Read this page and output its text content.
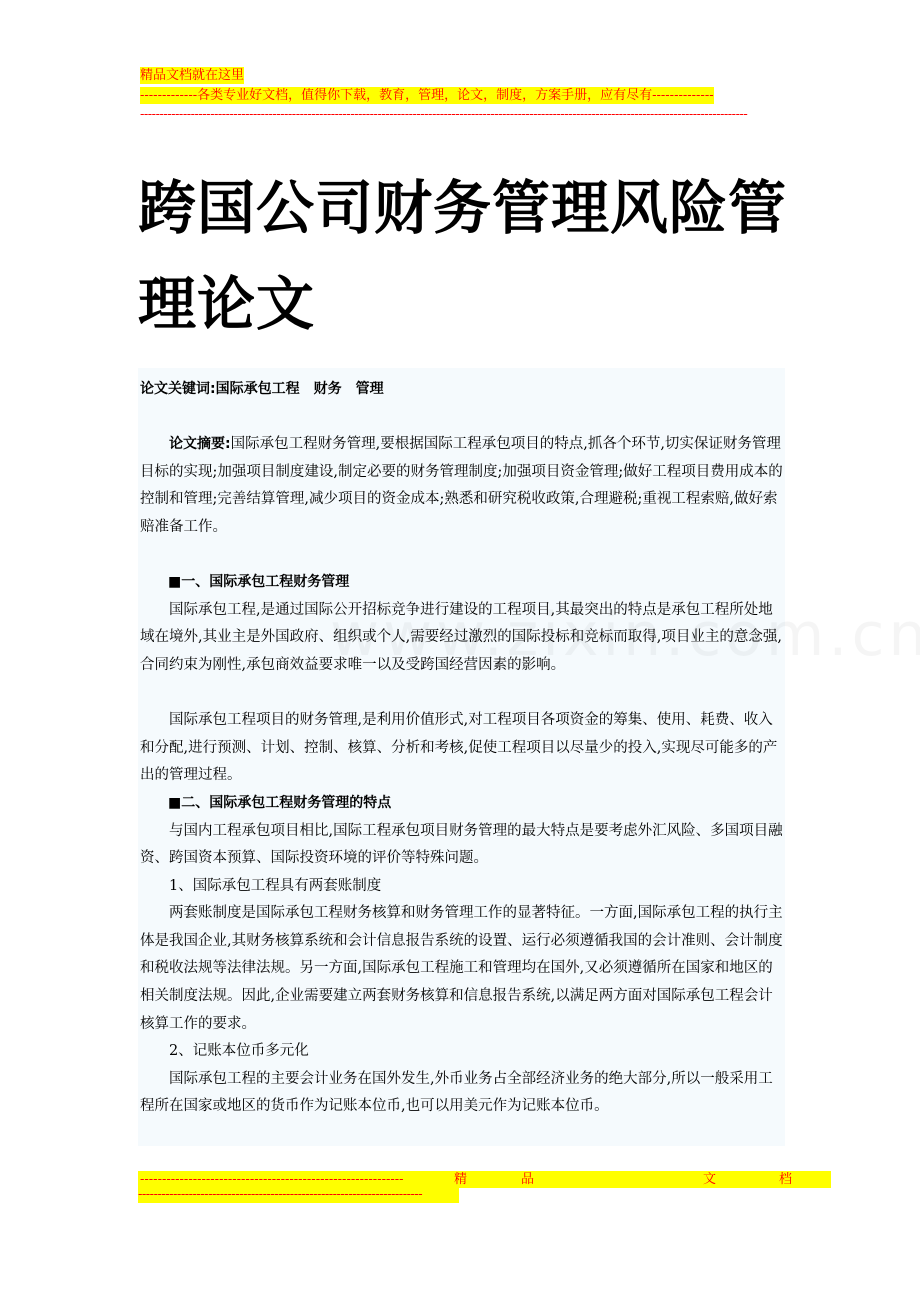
精品文档就在这里
-------------各类专业好文档，值得你下载，教育，管理，论文，制度，方案手册，应有尽有--------------
------------------------------------------------------------------------------------------------------------------------------------------------------------
跨国公司财务管理风险管理论文

论文关键词:国际承包工程　财务　管理

论文摘要:国际承包工程财务管理,要根据国际工程承包项目的特点,抓各个环节,切实保证财务管理目标的实现;加强项目制度建设,制定必要的财务管理制度;加强项目资金管理;做好工程项目费用成本的控制和管理;完善结算管理,减少项目的资金成本;熟悉和研究税收政策,合理避税;重视工程索赔,做好索赔准备工作。

■一、国际承包工程财务管理

国际承包工程,是通过国际公开招标竞争进行建设的工程项目,其最突出的特点是承包工程所处地域在境外,其业主是外国政府、组织或个人,需要经过激烈的国际投标和竞标而取得,项目业主的意念强,合同约束为刚性,承包商效益要求唯一以及受跨国经营因素的影响。

国际承包工程项目的财务管理,是利用价值形式,对工程项目各项资金的筹集、使用、耗费、收入和分配,进行预测、计划、控制、核算、分析和考核,促使工程项目以尽量少的投入,实现尽可能多的产出的管理过程。

■二、国际承包工程财务管理的特点

与国内工程承包项目相比,国际工程承包项目财务管理的最大特点是要考虑外汇风险、多国项目融资、跨国资本预算、国际投资环境的评价等特殊问题。

1、国际承包工程具有两套账制度

两套账制度是国际承包工程财务核算和财务管理工作的显著特征。一方面,国际承包工程的执行主体是我国企业,其财务核算系统和会计信息报告系统的设置、运行必须遵循我国的会计准则、会计制度和税收法规等法律法规。另一方面,国际承包工程施工和管理均在国外,又必须遵循所在国家和地区的相关制度法规。因此,企业需要建立两套财务核算和信息报告系统,以满足两方面对国际承包工程会计核算工作的要求。

2、记账本位币多元化

国际承包工程的主要会计业务在国外发生,外币业务占全部经济业务的绝大部分,所以一般采用工程所在国家或地区的货币作为记账本位币,也可以用美元作为记账本位币。

------------------------------------------------------------	精	品	文	档
-------------------------------------------------------------------------
